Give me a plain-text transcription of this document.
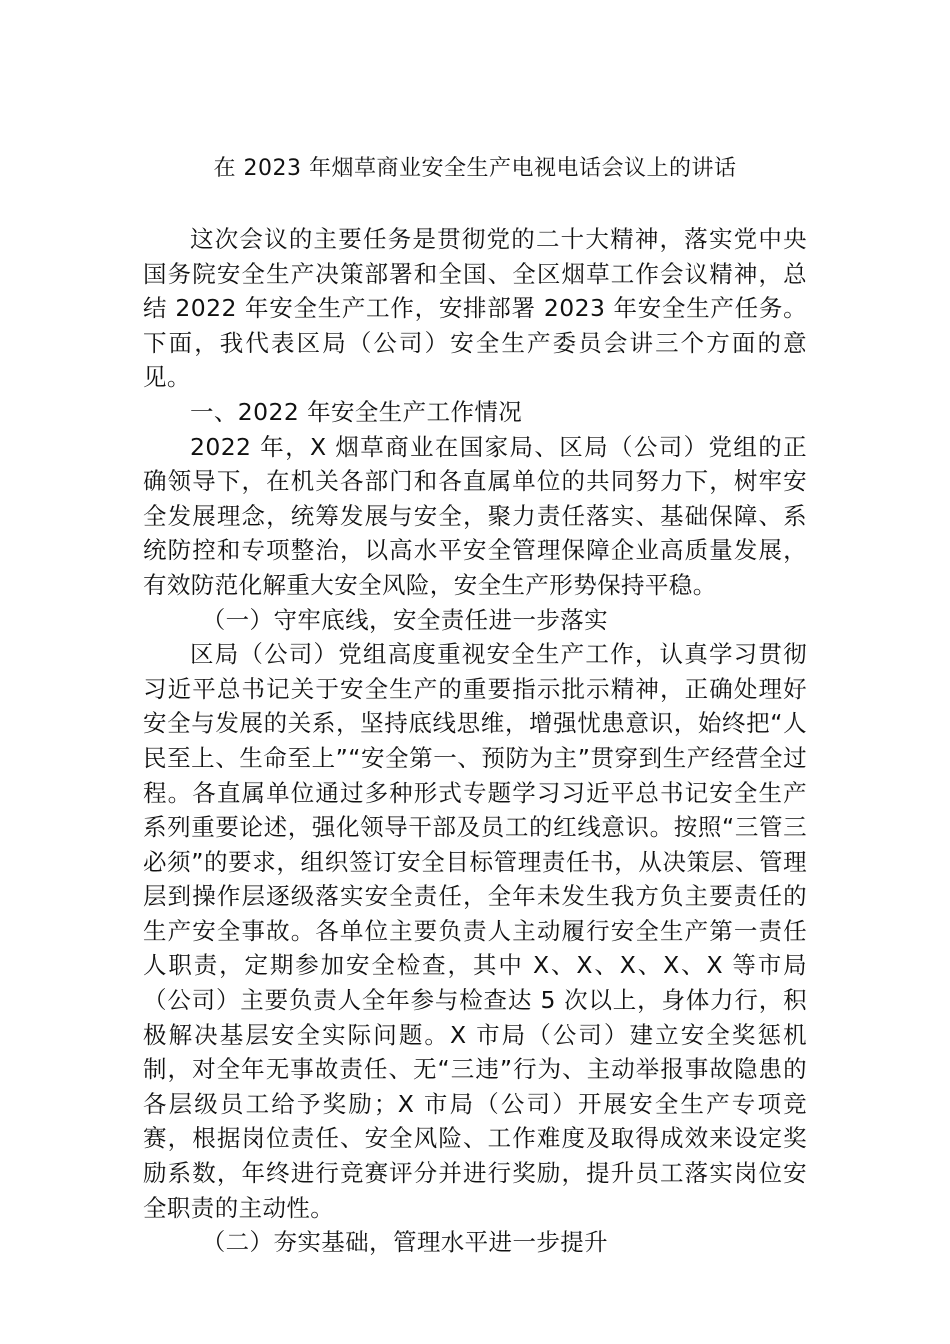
在 2023 年烟草商业安全生产电视电话会议上的讲话

这次会议的主要任务是贯彻党的二十大精神，落实党中央国务院安全生产决策部署和全国、全区烟草工作会议精神，总结 2022 年安全生产工作，安排部署 2023 年安全生产任务。下面，我代表区局（公司）安全生产委员会讲三个方面的意见。

一、2022 年安全生产工作情况

2022 年，X 烟草商业在国家局、区局（公司）党组的正确领导下，在机关各部门和各直属单位的共同努力下，树牢安全发展理念，统筹发展与安全，聚力责任落实、基础保障、系统防控和专项整治，以高水平安全管理保障企业高质量发展，有效防范化解重大安全风险，安全生产形势保持平稳。

（一）守牢底线，安全责任进一步落实

区局（公司）党组高度重视安全生产工作，认真学习贯彻习近平总书记关于安全生产的重要指示批示精神，正确处理好安全与发展的关系，坚持底线思维，增强忧患意识，始终把“人民至上、生命至上”“安全第一、预防为主”贯穿到生产经营全过程。各直属单位通过多种形式专题学习习近平总书记安全生产系列重要论述，强化领导干部及员工的红线意识。按照“三管三必须”的要求，组织签订安全目标管理责任书，从决策层、管理层到操作层逐级落实安全责任，全年未发生我方负主要责任的生产安全事故。各单位主要负责人主动履行安全生产第一责任人职责，定期参加安全检查，其中 X、X、X、X、X 等市局（公司）主要负责人全年参与检查达 5 次以上，身体力行，积极解决基层安全实际问题。X 市局（公司）建立安全奖惩机制，对全年无事故责任、无“三违”行为、主动举报事故隐患的各层级员工给予奖励；X 市局（公司）开展安全生产专项竞赛，根据岗位责任、安全风险、工作难度及取得成效来设定奖励系数，年终进行竞赛评分并进行奖励，提升员工落实岗位安全职责的主动性。

（二）夯实基础，管理水平进一步提升
